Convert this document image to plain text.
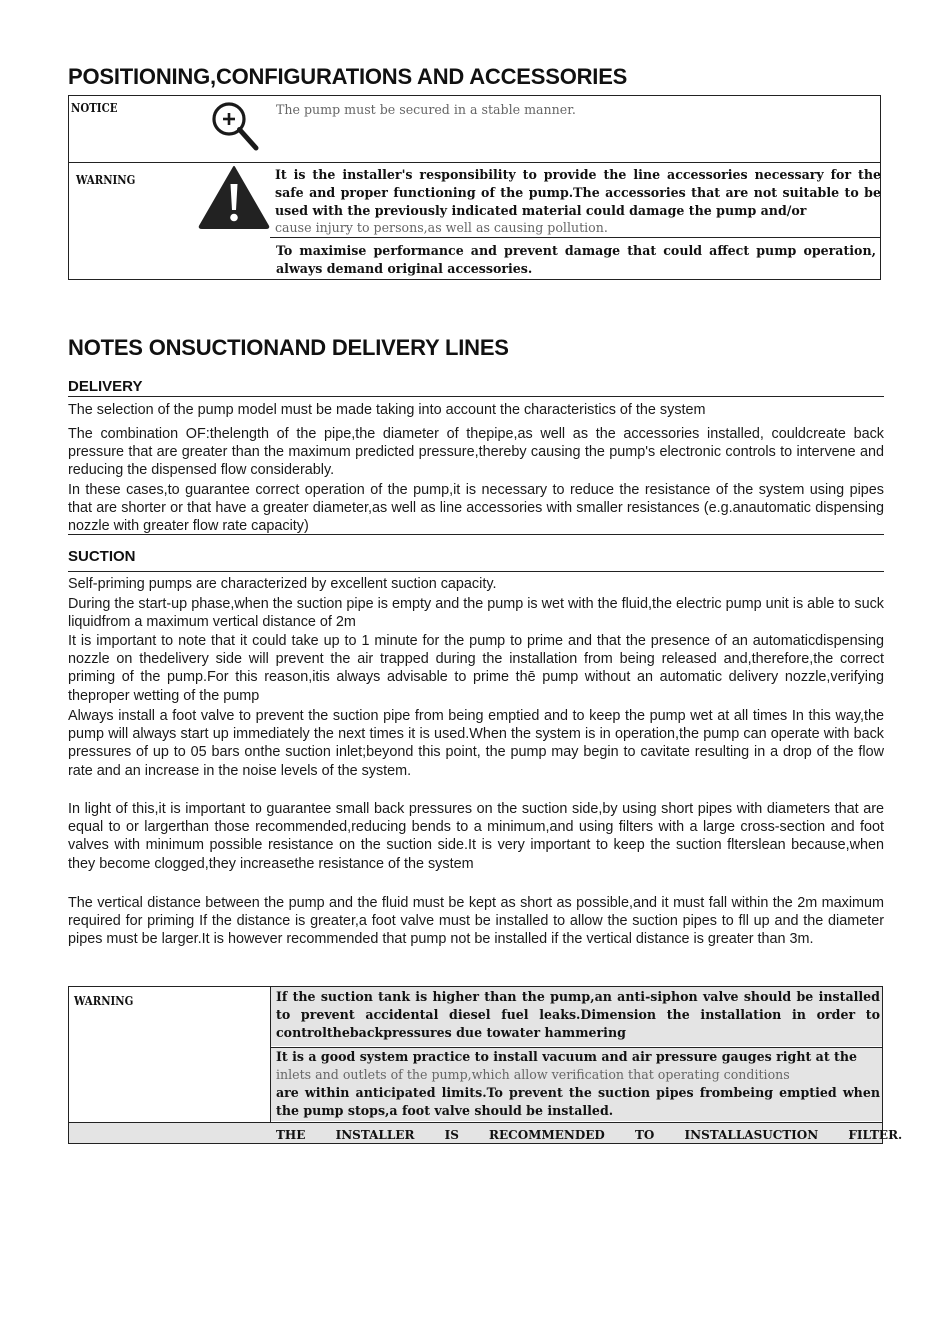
POSITIONING,CONFIGURATIONS AND ACCESSORIES
NOTICE	The pump must be secured in a stable manner.
WARNING	It is the installer's responsibility to provide the line accessories necessary for the safe and proper functioning of the pump.The accessories that are not suitable to be used with the previously indicated material could damage the pump and/or
cause injury to persons,as well as causing pollution.
To maximise performance and prevent damage that could affect pump operation, always demand original accessories.
NOTES ONSUCTIONAND DELIVERY LINES
DELIVERY

The selection of the pump model must be made taking into account the characteristics of the system

The combination OF:thelength of the pipe,the diameter of thepipe,as well as the accessories installed, couldcreate back pressure that are greater than the maximum predicted pressure,thereby causing the pump's electronic controls to intervene and reducing the dispensed flow considerably.

In these cases,to guarantee correct operation of the pump,it is necessary to reduce the resistance of the system using pipes that are shorter or that have a greater diameter,as well as line accessories with smaller resistances (e.g.anautomatic dispensing nozzle with greater flow rate capacity)

SUCTION

Self-priming pumps are characterized by excellent suction capacity.

During the start-up phase,when the suction pipe is empty and the pump is wet with the fluid,the electric pump unit is able to suck liquidfrom a maximum vertical distance of 2m

It is important to note that it could take up to 1 minute for the pump to prime and that the presence of an automaticdispensing nozzle on thedelivery side will prevent the air trapped during the installation from being released and,therefore,the correct priming of the pump.For this reason,itis always advisable to prime thē pump without an automatic delivery nozzle,verifying theproper wetting of the pump

Always install a foot valve to prevent the suction pipe from being emptied and to keep the pump wet at all times In this way,the pump will always start up immediately the next times it is used.When the system is in operation,the pump can operate with back pressures of up to 05 bars onthe suction inlet;beyond this point, the pump may begin to cavitate resulting in a drop of the flow rate and an increase in the noise levels of the system.

In light of this,it is important to guarantee small back pressures on the suction side,by using short pipes with diameters that are equal to or largerthan those recommended,reducing bends to a minimum,and using filters with a large cross-section and foot valves with minimum possible resistance on the suction side.It is very important to keep the suction flterslean because,when they become clogged,they increasethe resistance of the system

The vertical distance between the pump and the fluid must be kept as short as possible,and it must fall within the 2m maximum required for priming If the distance is greater,a foot valve must be installed to allow the suction pipes to fll up and the diameter pipes must be larger.It is however recommended that pump not be installed if the vertical distance is greater than 3m.

WARNING	If the suction tank is higher than the pump,an anti-siphon valve should be installed to prevent accidental diesel fuel leaks.Dimension the installation in order to controlthebackpressures due towater hammering
It is a good system practice to install vacuum and air pressure gauges right at the
inlets and outlets of the pump,which allow verification that operating conditions
are within anticipated limits.To prevent the suction pipes frombeing emptied when the pump stops,a foot valve should be installed.
THE INSTALLER IS RECOMMENDED TO INSTALLASUCTION FILTER.
